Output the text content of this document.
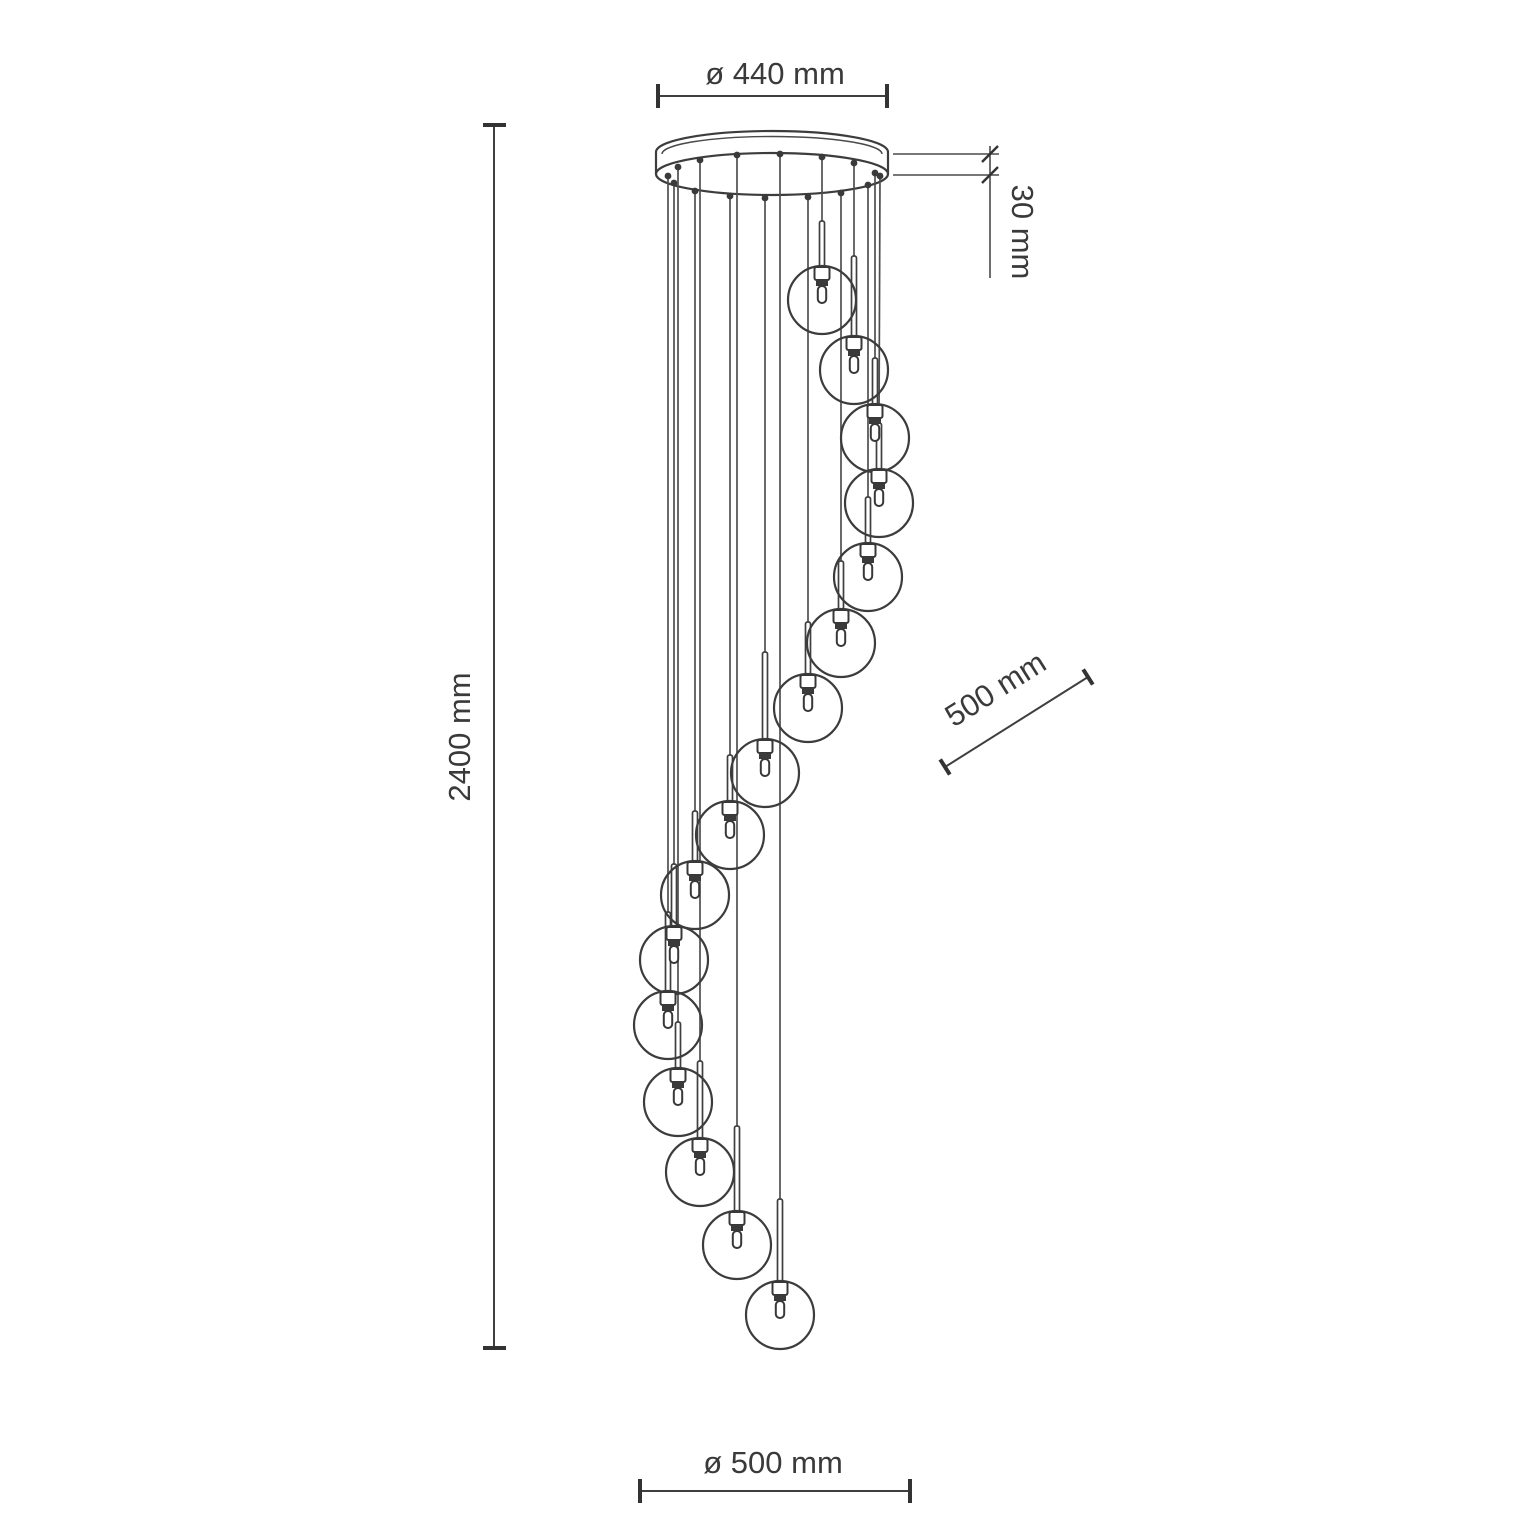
ø 440 mm
2400 mm
30 mm
500 mm
ø 500 mm
